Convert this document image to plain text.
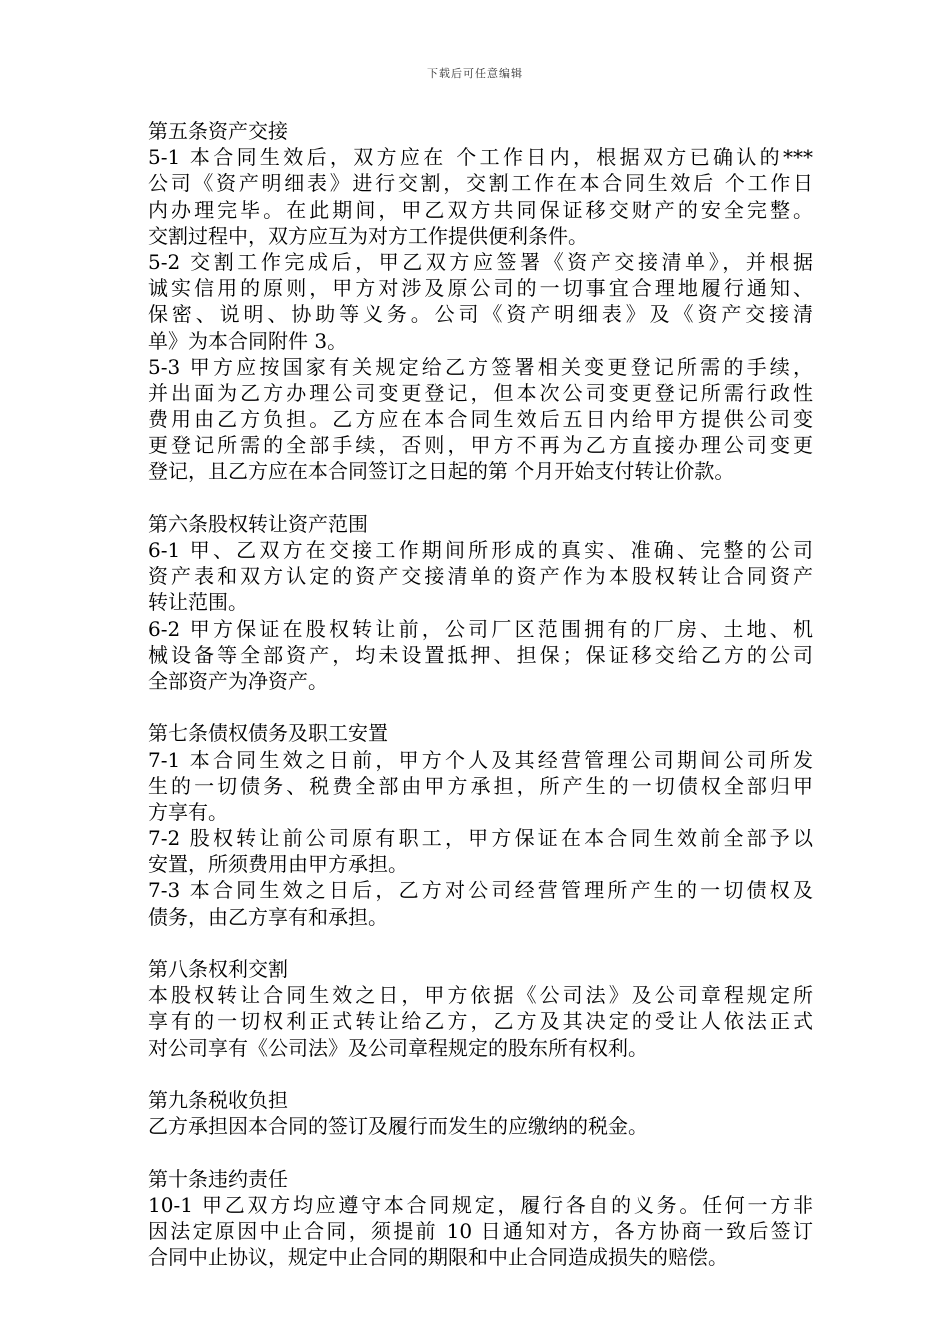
下载后可任意编辑
第五条资产交接
5-1 本合同生效后，双方应在 个工作日内，根据双方已确认的***
公司《资产明细表》进行交割，交割工作在本合同生效后 个工作日
内办理完毕。在此期间，甲乙双方共同保证移交财产的安全完整。
交割过程中，双方应互为对方工作提供便利条件。
5-2 交割工作完成后，甲乙双方应签署《资产交接清单》，并根据
诚实信用的原则，甲方对涉及原公司的一切事宜合理地履行通知、
保密、说明、协助等义务。公司《资产明细表》及《资产交接清
单》为本合同附件 3。
5-3 甲方应按国家有关规定给乙方签署相关变更登记所需的手续，
并出面为乙方办理公司变更登记，但本次公司变更登记所需行政性
费用由乙方负担。乙方应在本合同生效后五日内给甲方提供公司变
更登记所需的全部手续，否则，甲方不再为乙方直接办理公司变更
登记，且乙方应在本合同签订之日起的第 个月开始支付转让价款。
第六条股权转让资产范围
6-1 甲、乙双方在交接工作期间所形成的真实、准确、完整的公司
资产表和双方认定的资产交接清单的资产作为本股权转让合同资产
转让范围。
6-2 甲方保证在股权转让前，公司厂区范围拥有的厂房、土地、机
械设备等全部资产，均未设置抵押、担保；保证移交给乙方的公司
全部资产为净资产。
第七条债权债务及职工安置
7-1 本合同生效之日前，甲方个人及其经营管理公司期间公司所发
生的一切债务、税费全部由甲方承担，所产生的一切债权全部归甲
方享有。
7-2 股权转让前公司原有职工，甲方保证在本合同生效前全部予以
安置，所须费用由甲方承担。
7-3 本合同生效之日后，乙方对公司经营管理所产生的一切债权及
债务，由乙方享有和承担。
第八条权利交割
本股权转让合同生效之日，甲方依据《公司法》及公司章程规定所
享有的一切权利正式转让给乙方，乙方及其决定的受让人依法正式
对公司享有《公司法》及公司章程规定的股东所有权利。
第九条税收负担
乙方承担因本合同的签订及履行而发生的应缴纳的税金。
第十条违约责任
10-1 甲乙双方均应遵守本合同规定，履行各自的义务。任何一方非
因法定原因中止合同，须提前 10 日通知对方，各方协商一致后签订
合同中止协议，规定中止合同的期限和中止合同造成损失的赔偿。
